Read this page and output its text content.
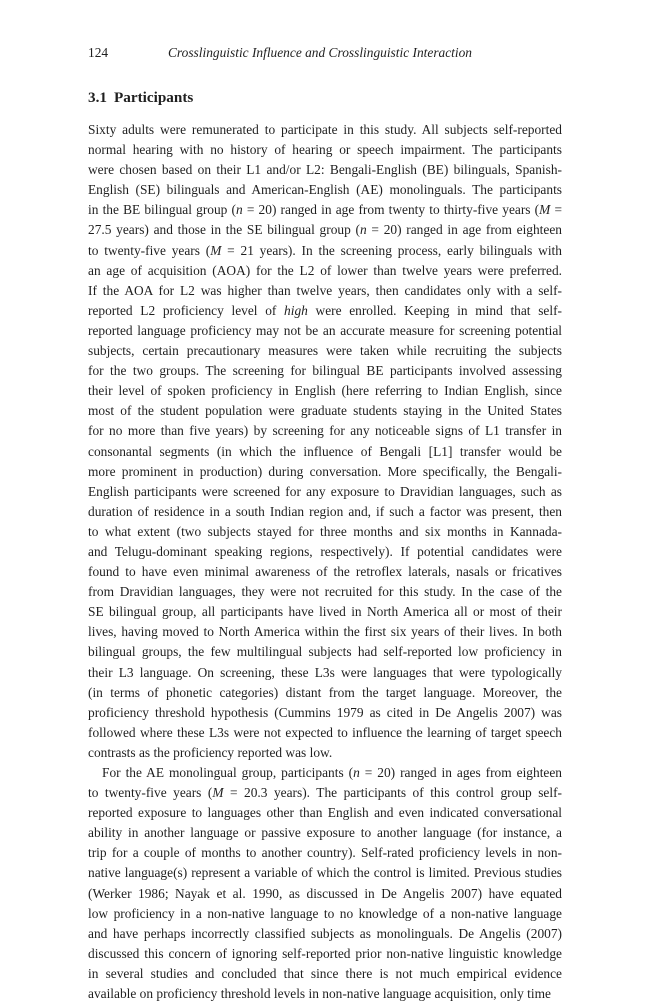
124	Crosslinguistic Influence and Crosslinguistic Interaction
3.1 Participants
Sixty adults were remunerated to participate in this study. All subjects self-reported
normal hearing with no history of hearing or speech impairment. The participants
were chosen based on their L1 and/or L2: Bengali-English (BE) bilinguals, Spanish-
English (SE) bilinguals and American-English (AE) monolinguals. The participants
in the BE bilingual group (n = 20) ranged in age from twenty to thirty-five years (M =
27.5 years) and those in the SE bilingual group (n = 20) ranged in age from eighteen
to twenty-five years (M = 21 years). In the screening process, early bilinguals with
an age of acquisition (AOA) for the L2 of lower than twelve years were preferred.
If the AOA for L2 was higher than twelve years, then candidates only with a self-
reported L2 proficiency level of high were enrolled. Keeping in mind that self-
reported language proficiency may not be an accurate measure for screening potential
subjects, certain precautionary measures were taken while recruiting the subjects
for the two groups. The screening for bilingual BE participants involved assessing
their level of spoken proficiency in English (here referring to Indian English, since
most of the student population were graduate students staying in the United States
for no more than five years) by screening for any noticeable signs of L1 transfer in
consonantal segments (in which the influence of Bengali [L1] transfer would be
more prominent in production) during conversation. More specifically, the Bengali-
English participants were screened for any exposure to Dravidian languages, such as
duration of residence in a south Indian region and, if such a factor was present, then
to what extent (two subjects stayed for three months and six months in Kannada-
and Telugu-dominant speaking regions, respectively). If potential candidates were
found to have even minimal awareness of the retroflex laterals, nasals or fricatives
from Dravidian languages, they were not recruited for this study. In the case of the
SE bilingual group, all participants have lived in North America all or most of their
lives, having moved to North America within the first six years of their lives. In both
bilingual groups, the few multilingual subjects had self-reported low proficiency in
their L3 language. On screening, these L3s were languages that were typologically
(in terms of phonetic categories) distant from the target language. Moreover, the
proficiency threshold hypothesis (Cummins 1979 as cited in De Angelis 2007) was
followed where these L3s were not expected to influence the learning of target speech
contrasts as the proficiency reported was low.
For the AE monolingual group, participants (n = 20) ranged in ages from eighteen
to twenty-five years (M = 20.3 years). The participants of this control group self-
reported exposure to languages other than English and even indicated conversational
ability in another language or passive exposure to another language (for instance, a
trip for a couple of months to another country). Self-rated proficiency levels in non-
native language(s) represent a variable of which the control is limited. Previous studies
(Werker 1986; Nayak et al. 1990, as discussed in De Angelis 2007) have equated
low proficiency in a non-native language to no knowledge of a non-native language
and have perhaps incorrectly classified subjects as monolinguals. De Angelis (2007)
discussed this concern of ignoring self-reported prior non-native linguistic knowledge
in several studies and concluded that since there is not much empirical evidence
available on proficiency threshold levels in non-native language acquisition, only time
